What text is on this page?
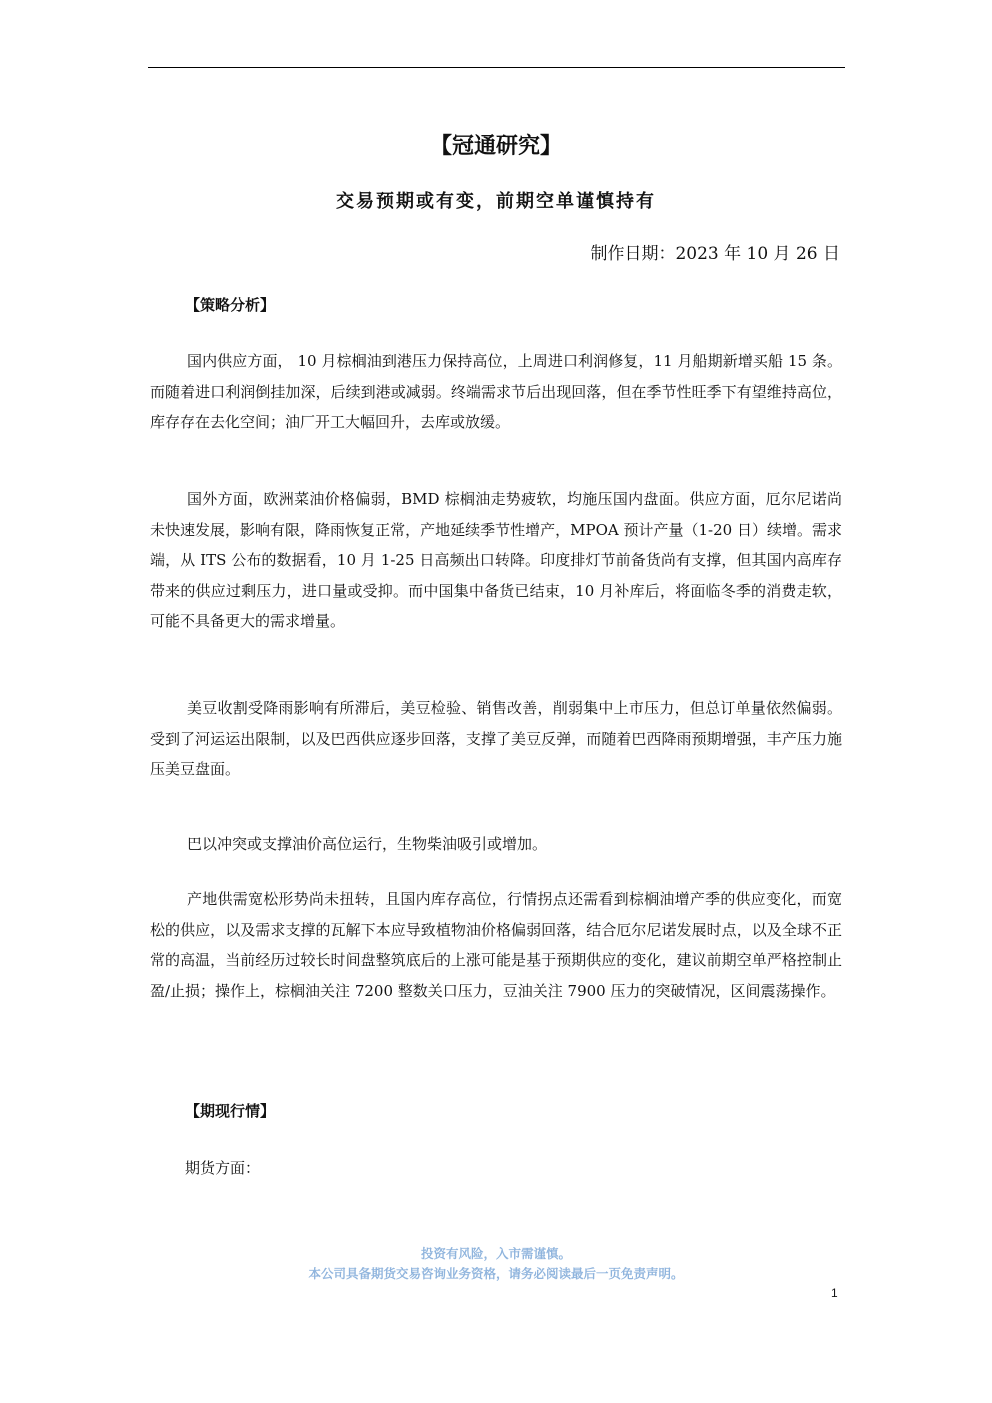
【冠通研究】
交易预期或有变，前期空单谨慎持有
制作日期：2023 年 10 月 26 日
【策略分析】

国内供应方面， 10 月棕榈油到港压力保持高位，上周进口利润修复，11 月船期新增买船 15 条。而随着进口利润倒挂加深，后续到港或减弱。终端需求节后出现回落，但在季节性旺季下有望维持高位，库存存在去化空间；油厂开工大幅回升，去库或放缓。

国外方面，欧洲菜油价格偏弱，BMD 棕榈油走势疲软，均施压国内盘面。供应方面，厄尔尼诺尚未快速发展，影响有限，降雨恢复正常，产地延续季节性增产，MPOA 预计产量（1-20 日）续增。需求端，从 ITS 公布的数据看，10 月 1-25 日高频出口转降。印度排灯节前备货尚有支撑，但其国内高库存带来的供应过剩压力，进口量或受抑。而中国集中备货已结束，10 月补库后，将面临冬季的消费走软，可能不具备更大的需求增量。

美豆收割受降雨影响有所滞后，美豆检验、销售改善，削弱集中上市压力，但总订单量依然偏弱。受到了河运运出限制，以及巴西供应逐步回落，支撑了美豆反弹，而随着巴西降雨预期增强，丰产压力施压美豆盘面。

巴以冲突或支撑油价高位运行，生物柴油吸引或增加。

产地供需宽松形势尚未扭转，且国内库存高位，行情拐点还需看到棕榈油增产季的供应变化，而宽松的供应，以及需求支撑的瓦解下本应导致植物油价格偏弱回落，结合厄尔尼诺发展时点，以及全球不正常的高温，当前经历过较长时间盘整筑底后的上涨可能是基于预期供应的变化，建议前期空单严格控制止盈/止损；操作上，棕榈油关注 7200 整数关口压力，豆油关注 7900 压力的突破情况，区间震荡操作。

【期现行情】
期货方面：
投资有风险，入市需谨慎。
本公司具备期货交易咨询业务资格，请务必阅读最后一页免责声明。
1
